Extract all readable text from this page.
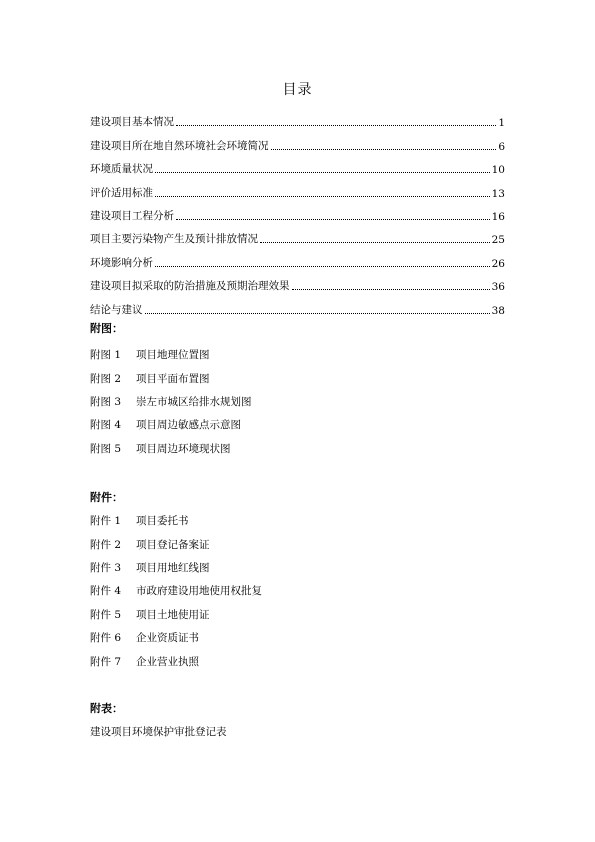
目录
建设项目基本情况	1
建设项目所在地自然环境社会环境简况	6
环境质量状况	10
评价适用标准	13
建设项目工程分析	16
项目主要污染物产生及预计排放情况	25
环境影响分析	26
建设项目拟采取的防治措施及预期治理效果	36
结论与建议	38
附图：
附图 1	项目地理位置图
附图 2	项目平面布置图
附图 3	崇左市城区给排水规划图
附图 4	项目周边敏感点示意图
附图 5	项目周边环境现状图
附件：
附件 1	项目委托书
附件 2	项目登记备案证
附件 3	项目用地红线图
附件 4	市政府建设用地使用权批复
附件 5	项目土地使用证
附件 6	企业资质证书
附件 7	企业营业执照
附表：
建设项目环境保护审批登记表
